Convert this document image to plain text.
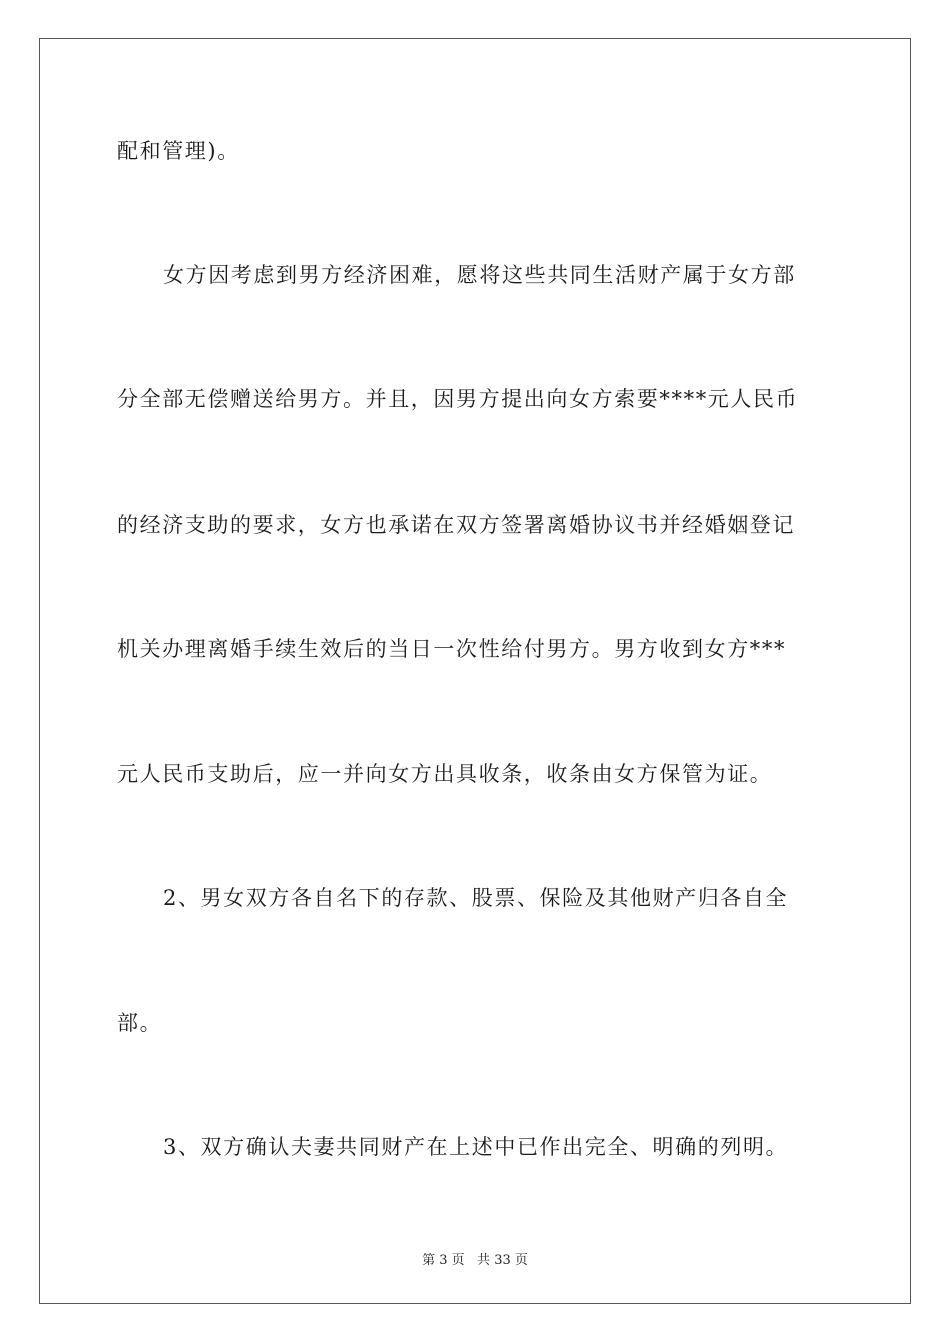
配和管理)。
女方因考虑到男方经济困难，愿将这些共同生活财产属于女方部
分全部无偿赠送给男方。并且，因男方提出向女方索要****元人民币
的经济支助的要求，女方也承诺在双方签署离婚协议书并经婚姻登记
机关办理离婚手续生效后的当日一次性给付男方。男方收到女方***
元人民币支助后，应一并向女方出具收条，收条由女方保管为证。
2、男女双方各自名下的存款、股票、保险及其他财产归各自全
部。
3、双方确认夫妻共同财产在上述中已作出完全、明确的列明。
第 3 页   共 33 页
